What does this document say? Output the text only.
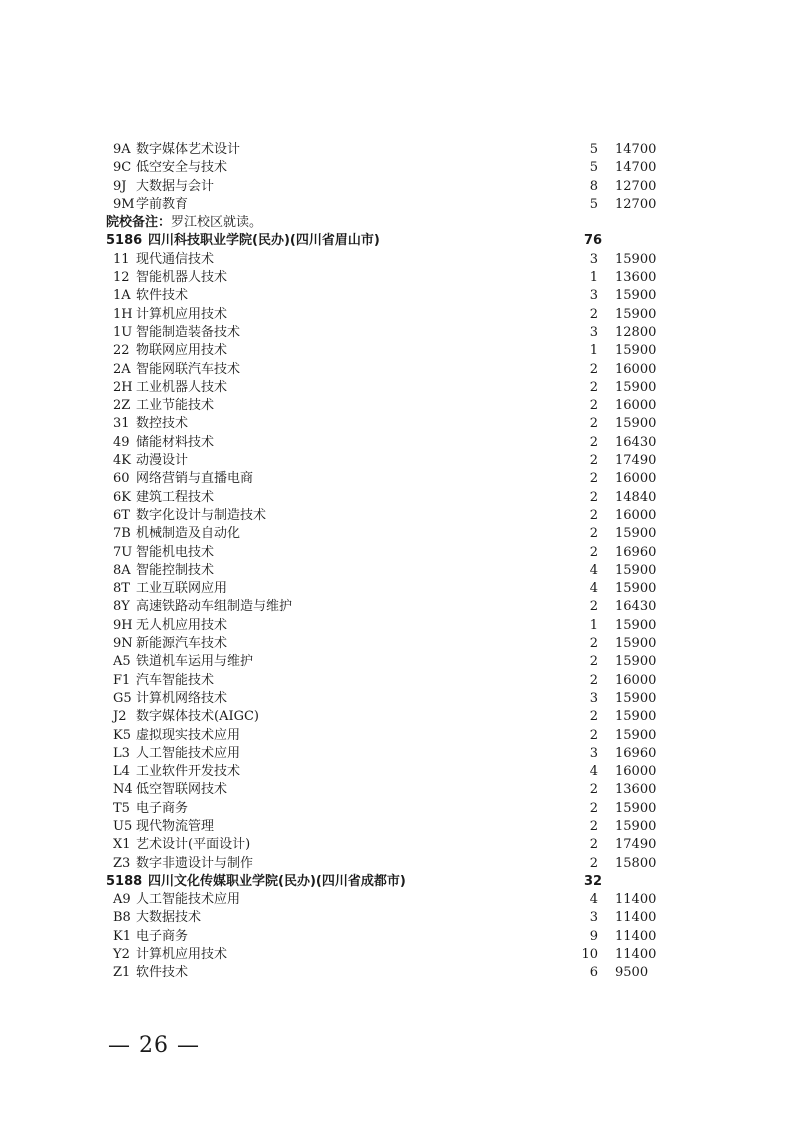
9A 数字媒体艺术设计	5 14700
9C 低空安全与技术	5 14700
9J 大数据与会计	8 12700
9M 学前教育	5 12700
院校备注：罗江校区就读。
5186 四川科技职业学院(民办)(四川省眉山市)	76
11 现代通信技术	3 15900
12 智能机器人技术	1 13600
1A 软件技术	3 15900
1H 计算机应用技术	2 15900
1U 智能制造装备技术	3 12800
22 物联网应用技术	1 15900
2A 智能网联汽车技术	2 16000
2H 工业机器人技术	2 15900
2Z 工业节能技术	2 16000
31 数控技术	2 15900
49 储能材料技术	2 16430
4K 动漫设计	2 17490
60 网络营销与直播电商	2 16000
6K 建筑工程技术	2 14840
6T 数字化设计与制造技术	2 16000
7B 机械制造及自动化	2 15900
7U 智能机电技术	2 16960
8A 智能控制技术	4 15900
8T 工业互联网应用	4 15900
8Y 高速铁路动车组制造与维护	2 16430
9H 无人机应用技术	1 15900
9N 新能源汽车技术	2 15900
A5 铁道机车运用与维护	2 15900
F1 汽车智能技术	2 16000
G5 计算机网络技术	3 15900
J2 数字媒体技术(AIGC)	2 15900
K5 虚拟现实技术应用	2 15900
L3 人工智能技术应用	3 16960
L4 工业软件开发技术	4 16000
N4 低空智联网技术	2 13600
T5 电子商务	2 15900
U5 现代物流管理	2 15900
X1 艺术设计(平面设计)	2 17490
Z3 数字非遗设计与制作	2 15800
5188 四川文化传媒职业学院(民办)(四川省成都市)	32
A9 人工智能技术应用	4 11400
B8 大数据技术	3 11400
K1 电子商务	9 11400
Y2 计算机应用技术	10 11400
Z1 软件技术	6 9500
— 26 —
